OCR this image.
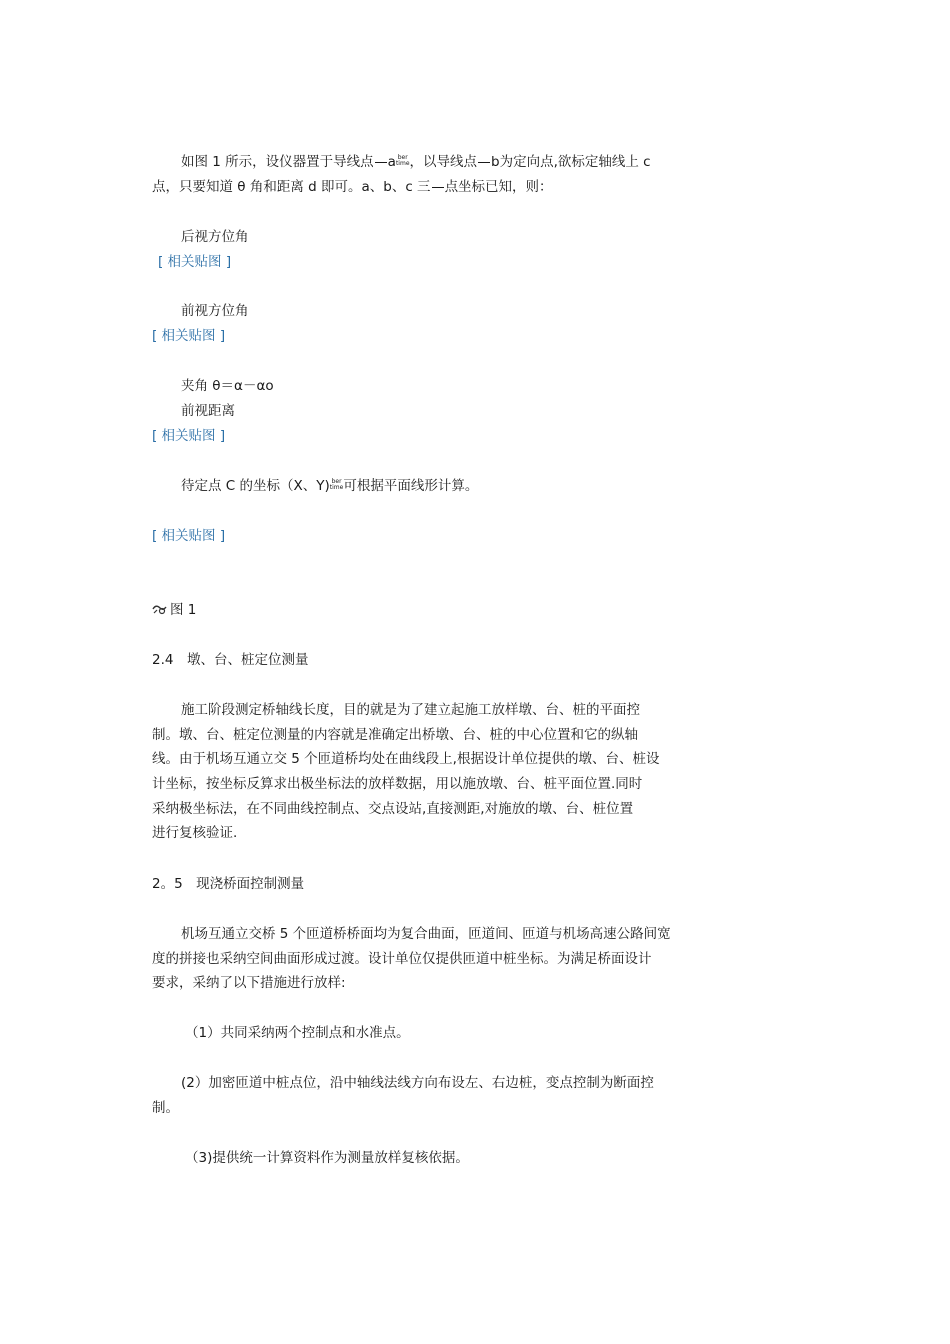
如图 1 所示，设仪器置于导线点 a ber
time ，以导线点 b为定向点,欲标定轴线上 c
点，只要知道 θ 角和距离 d 即可。a、b、c 三 点坐标已知，则：
后视方位角
[ 相关贴图 ]
前视方位角
[ 相关贴图 ]
夹角 θ＝α－αo
前视距离
[ 相关贴图 ]
待定点 C 的坐标（X、Y) ber
time 可根据平面线形计算。
[ 相关贴图 ]
图 1
2.4　墩、台、桩定位测量
施工阶段测定桥轴线长度，目的就是为了建立起施工放样墩、台、桩的平面控
制。墩、台、桩定位测量的内容就是准确定出桥墩、台、桩的中心位置和它的纵轴
线。由于机场互通立交 5 个匝道桥均处在曲线段上,根据设计单位提供的墩、台、桩设
计坐标，按坐标反算求出极坐标法的放样数据，用以施放墩、台、桩平面位置.同时
采纳极坐标法，在不同曲线控制点、交点设站,直接测距,对施放的墩、台、桩位置
进行复核验证.
2。5　现浇桥面控制测量
机场互通立交桥 5 个匝道桥桥面均为复合曲面，匝道间、匝道与机场高速公路间宽
度的拼接也采纳空间曲面形成过渡。设计单位仅提供匝道中桩坐标。为满足桥面设计
要求，采纳了以下措施进行放样:
（1）共同采纳两个控制点和水准点。
(2）加密匝道中桩点位，沿中轴线法线方向布设左、右边桩，变点控制为断面控
制。
（3)提供统一计算资料作为测量放样复核依据。
